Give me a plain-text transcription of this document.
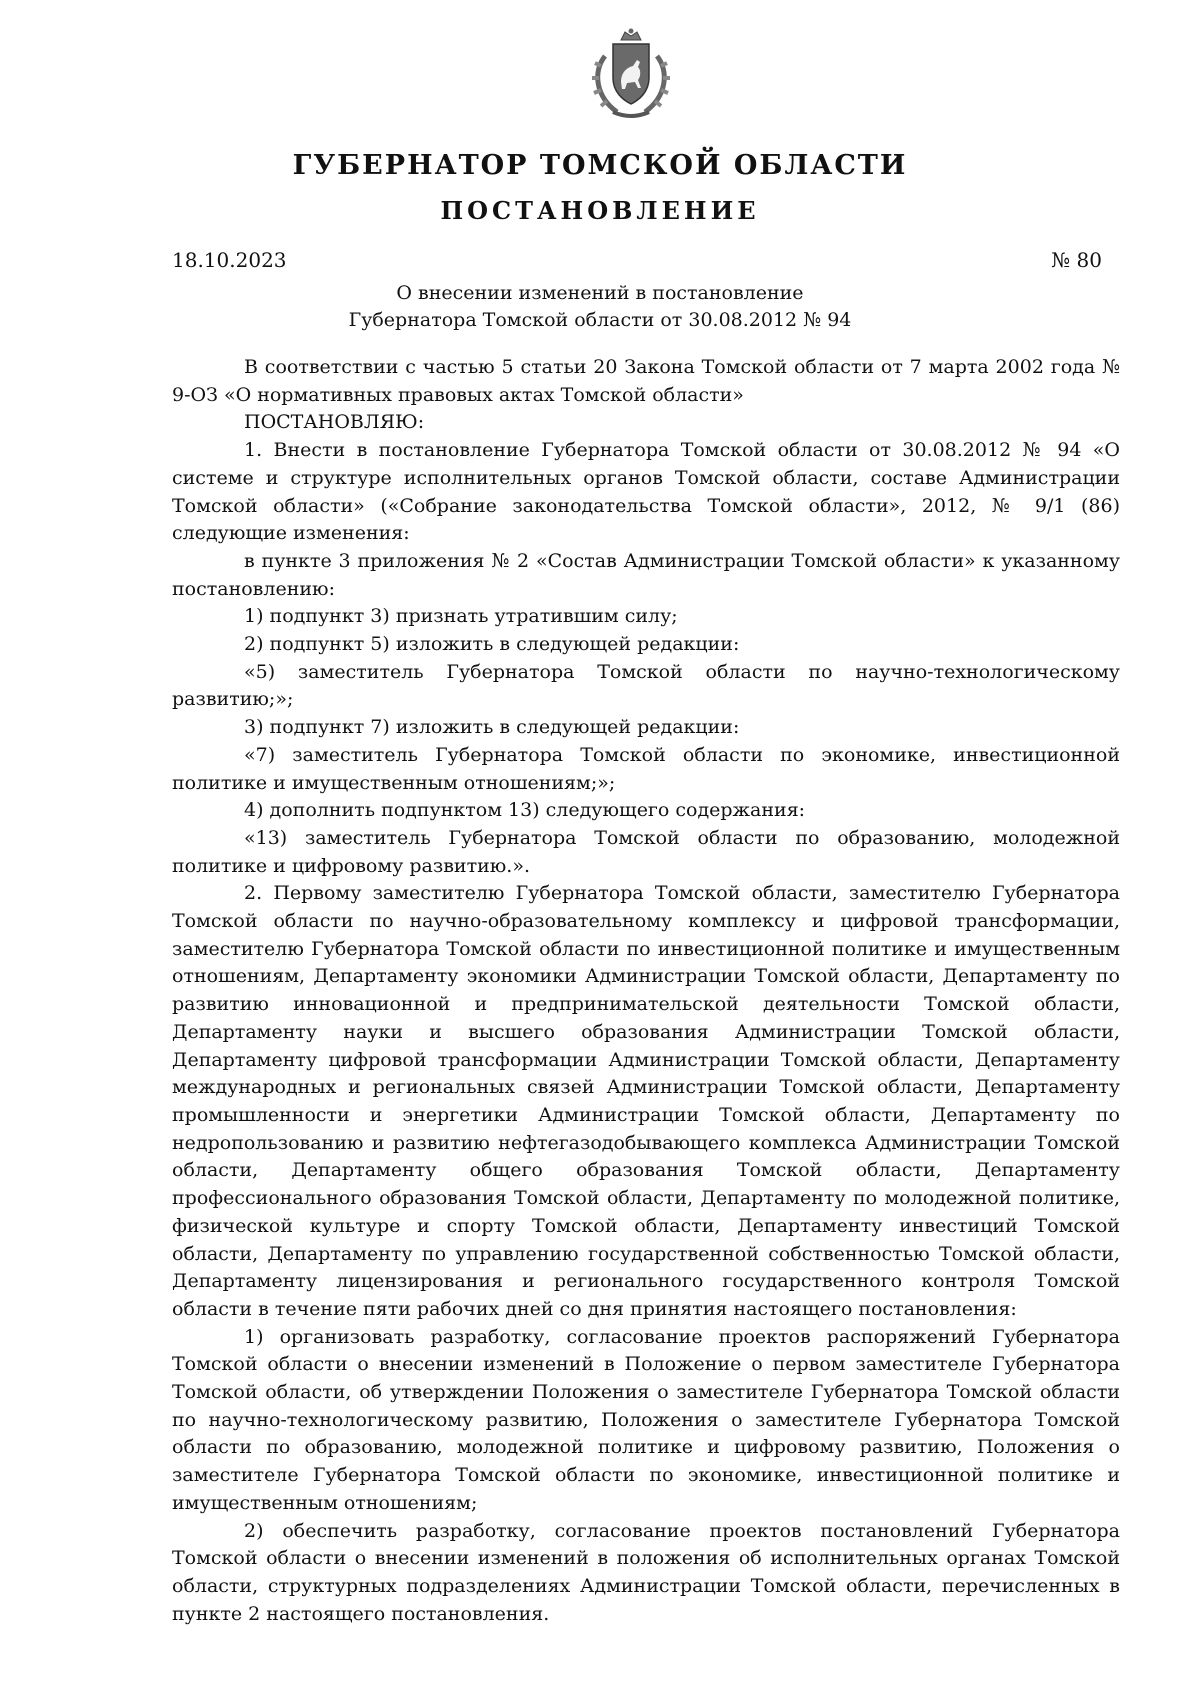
ГУБЕРНАТОР ТОМСКОЙ ОБЛАСТИ
ПОСТАНОВЛЕНИЕ
18.10.2023	№ 80
О внесении изменений в постановление
Губернатора Томской области от 30.08.2012 № 94

В соответствии с частью 5 статьи 20 Закона Томской области от 7 марта 2002 года № 9-ОЗ «О нормативных правовых актах Томской области»

ПОСТАНОВЛЯЮ:

1. Внести в постановление Губернатора Томской области от 30.08.2012 № 94 «О системе и структуре исполнительных органов Томской области, составе Администрации Томской области» («Собрание законодательства Томской области», 2012, № 9/1 (86) следующие изменения:

в пункте 3 приложения № 2 «Состав Администрации Томской области» к указанному постановлению:

1) подпункт 3) признать утратившим силу;

2) подпункт 5) изложить в следующей редакции:

«5) заместитель Губернатора Томской области по научно-технологическому развитию;»;

3) подпункт 7) изложить в следующей редакции:

«7) заместитель Губернатора Томской области по экономике, инвестиционной политике и имущественным отношениям;»;

4) дополнить подпунктом 13) следующего содержания:

«13) заместитель Губернатора Томской области по образованию, молодежной политике и цифровому развитию.».

2. Первому заместителю Губернатора Томской области, заместителю Губернатора Томской области по научно-образовательному комплексу и цифровой трансформации, заместителю Губернатора Томской области по инвестиционной политике и имущественным отношениям, Департаменту экономики Администрации Томской области, Департаменту по развитию инновационной и предпринимательской деятельности Томской области, Департаменту науки и высшего образования Администрации Томской области, Департаменту цифровой трансформации Администрации Томской области, Департаменту международных и региональных связей Администрации Томской области, Департаменту промышленности и энергетики Администрации Томской области, Департаменту по недропользованию и развитию нефтегазодобывающего комплекса Администрации Томской области, Департаменту общего образования Томской области, Департаменту профессионального образования Томской области, Департаменту по молодежной политике, физической культуре и спорту Томской области, Департаменту инвестиций Томской области, Департаменту по управлению государственной собственностью Томской области, Департаменту лицензирования и регионального государственного контроля Томской области в течение пяти рабочих дней со дня принятия настоящего постановления:

1) организовать разработку, согласование проектов распоряжений Губернатора Томской области о внесении изменений в Положение о первом заместителе Губернатора Томской области, об утверждении Положения о заместителе Губернатора Томской области по научно-технологическому развитию, Положения о заместителе Губернатора Томской области по образованию, молодежной политике и цифровому развитию, Положения о заместителе Губернатора Томской области по экономике, инвестиционной политике и имущественным отношениям;

2) обеспечить разработку, согласование проектов постановлений Губернатора Томской области о внесении изменений в положения об исполнительных органах Томской области, структурных подразделениях Администрации Томской области, перечисленных в пункте 2 настоящего постановления.
